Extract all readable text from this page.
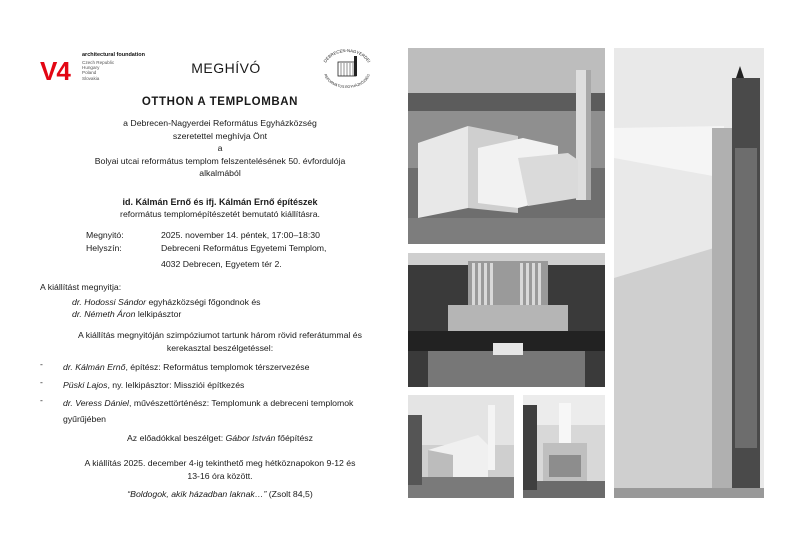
V4
architectural foundation
Czech Republic
Hungary
Poland
Slovakia
MEGHÍVÓ	DEBRECEN-NAGYERDEI
REFORMÁTUS EGYHÁZKÖZSÉG
OTTHON A TEMPLOMBAN
a Debrecen-Nagyerdei Református Egyházközség
szeretettel meghívja Önt
a
Bolyai utcai református templom felszentelésének 50. évfordulója
alkalmából
id. Kálmán Ernő és ifj. Kálmán Ernő építészek
református templomépítészetét bemutató kiállításra.
Megnyitó:	2025. november 14. péntek, 17:00–18:30
Helyszín:	Debreceni Református Egyetemi Templom,
4032 Debrecen, Egyetem tér 2.
A kiállítást megnyitja:
dr. Hodossi Sándor egyházközségi főgondnok és
dr. Németh Áron lelkipásztor
A kiállítás megnyitóján szimpóziumot tartunk három rövid referátummal és
kerekasztal beszélgetéssel:
- dr. Kálmán Ernő, építész: Református templomok térszervezése
- Püski Lajos, ny. lelkipásztor: Missziói építkezés
- dr. Veress Dániel, művészettörténész: Templomunk a debreceni templomok gyűrűjében
Az előadókkal beszélget: Gábor István főépítész
A kiállítás 2025. december 4-ig tekinthető meg hétköznapokon 9-12 és
13-16 óra között.
“Boldogok, akik házadban laknak…” (Zsolt 84,5)
